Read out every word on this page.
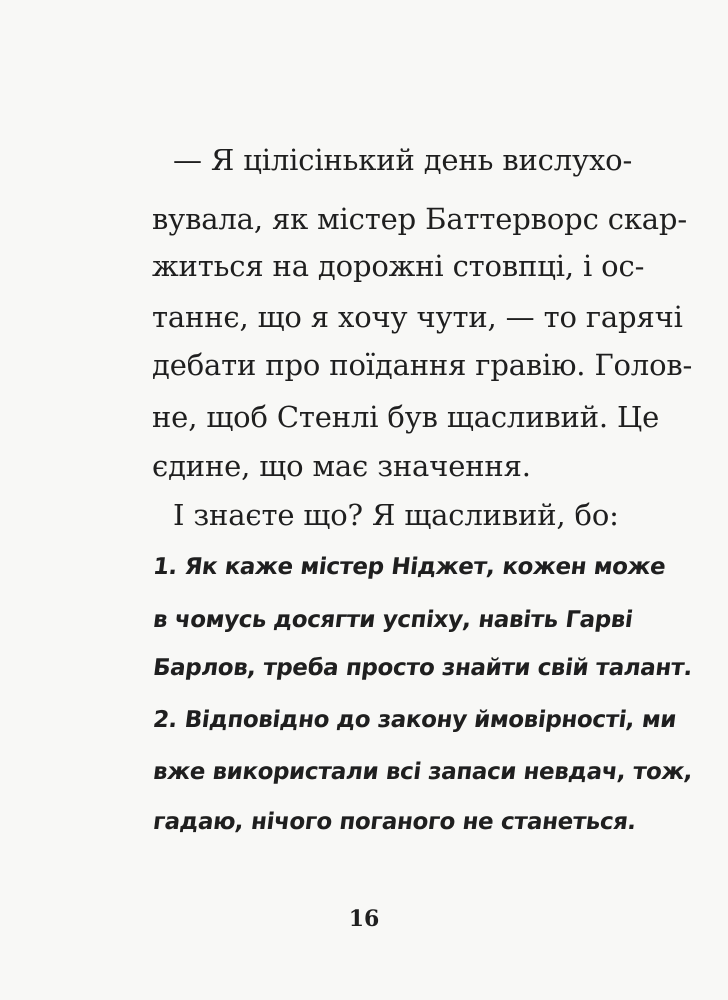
— Я цілісінький день вислухо-
вувала, як містер Баттерворс скар-
житься на дорожні стовпці, і ос-
таннє, що я хочу чути, — то гарячі
дебати про поїдання гравію. Голов-
не, щоб Стенлі був щасливий. Це
єдине, що має значення.
І знаєте що? Я щасливий, бо:
1. Як каже містер Ніджет, кожен може
в чомусь досягти успіху, навіть Гарві
Барлов, треба просто знайти свій талант.
2. Відповідно до закону ймовірності, ми
вже використали всі запаси невдач, тож,
гадаю, нічого поганого не станеться.
16
